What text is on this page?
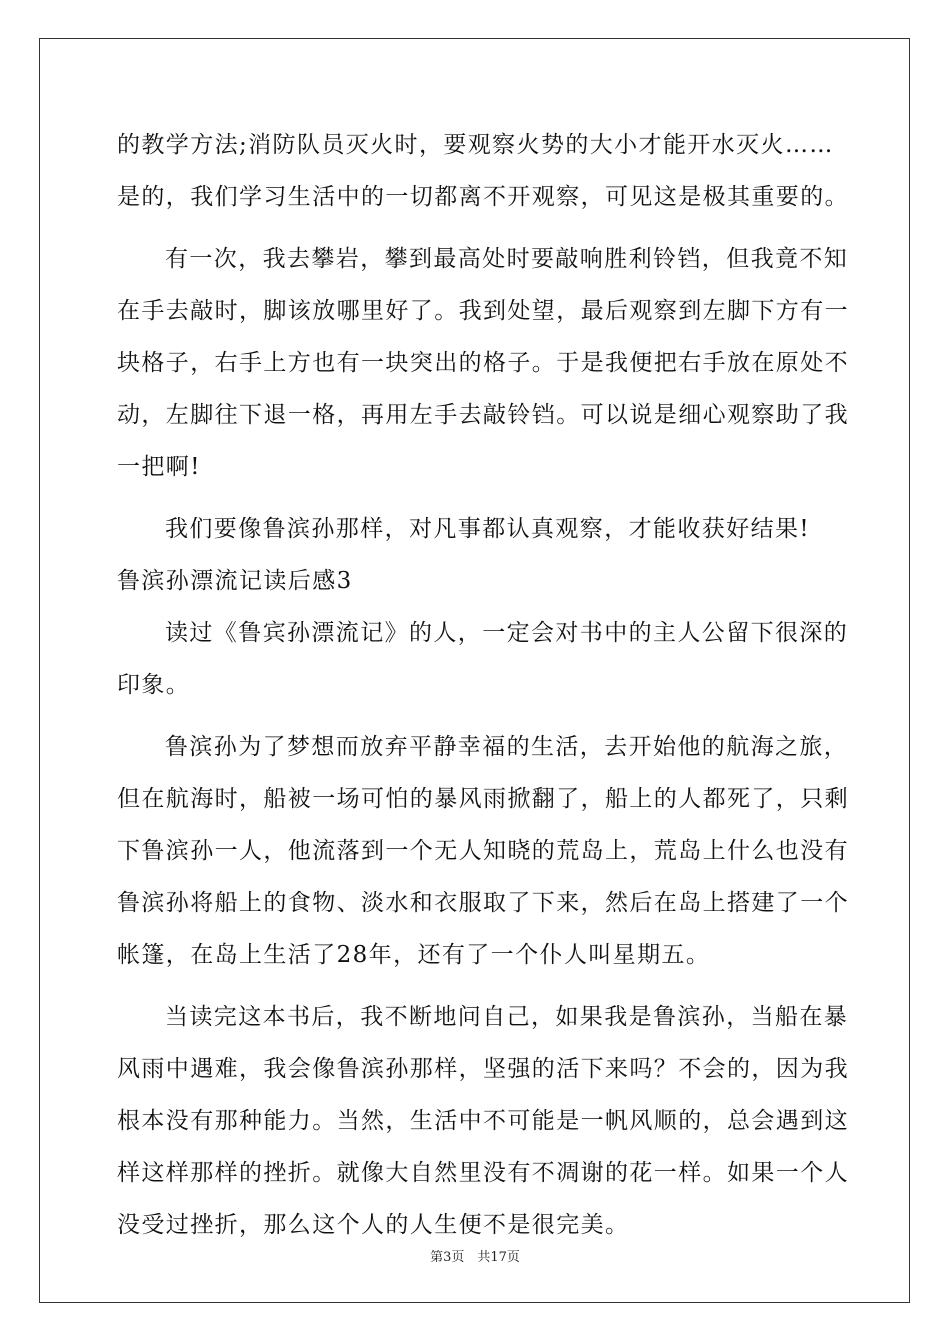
的教学方法;消防队员灭火时，要观察火势的大小才能开水灭火……
是的，我们学习生活中的一切都离不开观察，可见这是极其重要的。
有一次，我去攀岩，攀到最高处时要敲响胜利铃铛，但我竟不知
在手去敲时，脚该放哪里好了。我到处望，最后观察到左脚下方有一
块格子，右手上方也有一块突出的格子。于是我便把右手放在原处不
动，左脚往下退一格，再用左手去敲铃铛。可以说是细心观察助了我
一把啊!
我们要像鲁滨孙那样，对凡事都认真观察，才能收获好结果!
鲁滨孙漂流记读后感3
读过《鲁宾孙漂流记》的人，一定会对书中的主人公留下很深的
印象。
鲁滨孙为了梦想而放弃平静幸福的生活，去开始他的航海之旅，
但在航海时，船被一场可怕的暴风雨掀翻了，船上的人都死了，只剩
下鲁滨孙一人，他流落到一个无人知晓的荒岛上，荒岛上什么也没有
鲁滨孙将船上的食物、淡水和衣服取了下来，然后在岛上搭建了一个
帐篷，在岛上生活了28年，还有了一个仆人叫星期五。
当读完这本书后，我不断地问自己，如果我是鲁滨孙，当船在暴
风雨中遇难，我会像鲁滨孙那样，坚强的活下来吗？不会的，因为我
根本没有那种能力。当然，生活中不可能是一帆风顺的，总会遇到这
样这样那样的挫折。就像大自然里没有不凋谢的花一样。如果一个人
没受过挫折，那么这个人的人生便不是很完美。
第3页　共17页
